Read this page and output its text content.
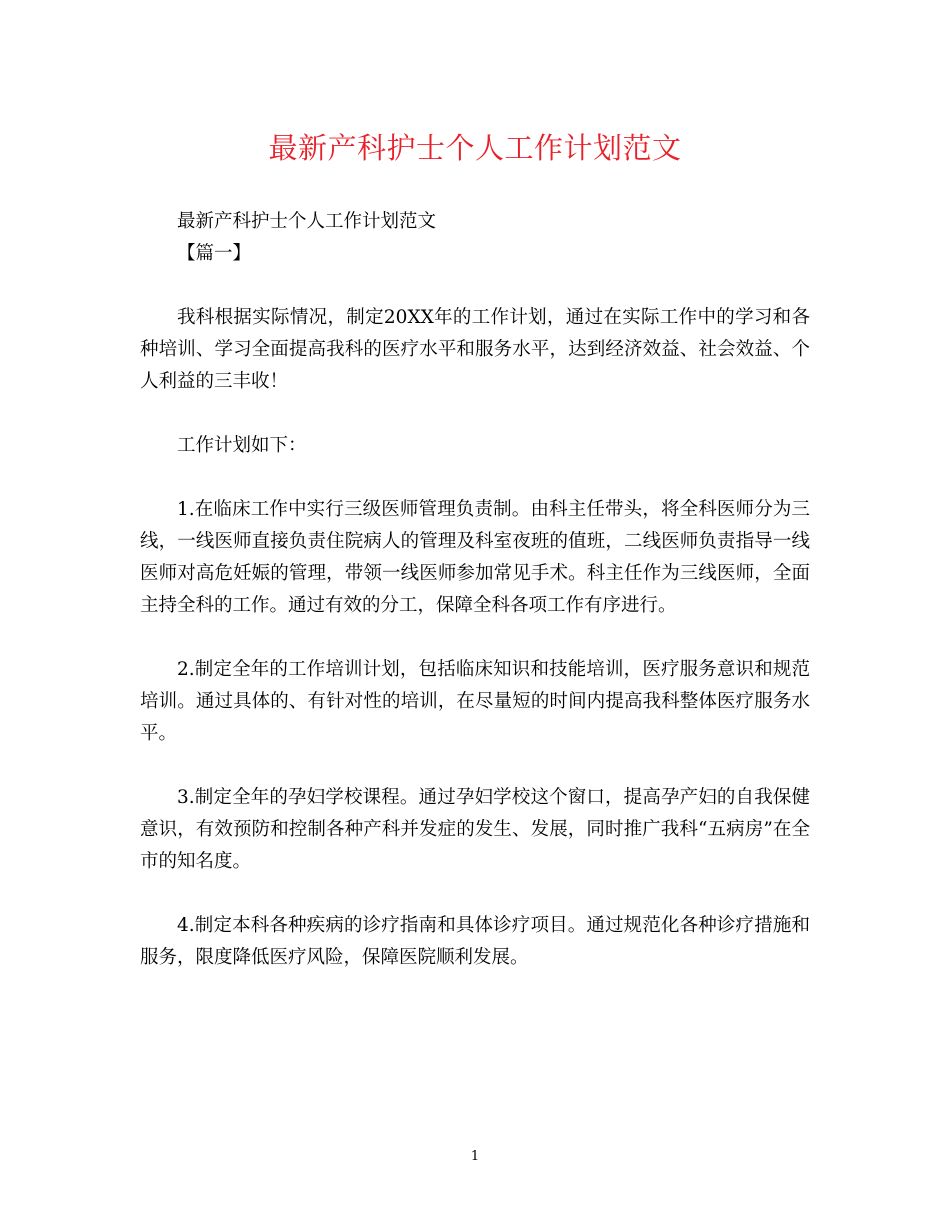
最新产科护士个人工作计划范文

最新产科护士个人工作计划范文

【篇一】

我科根据实际情况，制定20XX年的工作计划，通过在实际工作中的学习和各种培训、学习全面提高我科的医疗水平和服务水平，达到经济效益、社会效益、个人利益的三丰收！

工作计划如下：

1.在临床工作中实行三级医师管理负责制。由科主任带头，将全科医师分为三线，一线医师直接负责住院病人的管理及科室夜班的值班，二线医师负责指导一线医师对高危妊娠的管理，带领一线医师参加常见手术。科主任作为三线医师，全面主持全科的工作。通过有效的分工，保障全科各项工作有序进行。

2.制定全年的工作培训计划，包括临床知识和技能培训，医疗服务意识和规范培训。通过具体的、有针对性的培训，在尽量短的时间内提高我科整体医疗服务水平。

3.制定全年的孕妇学校课程。通过孕妇学校这个窗口，提高孕产妇的自我保健意识，有效预防和控制各种产科并发症的发生、发展，同时推广我科“五病房”在全市的知名度。

4.制定本科各种疾病的诊疗指南和具体诊疗项目。通过规范化各种诊疗措施和服务，限度降低医疗风险，保障医院顺利发展。

1
